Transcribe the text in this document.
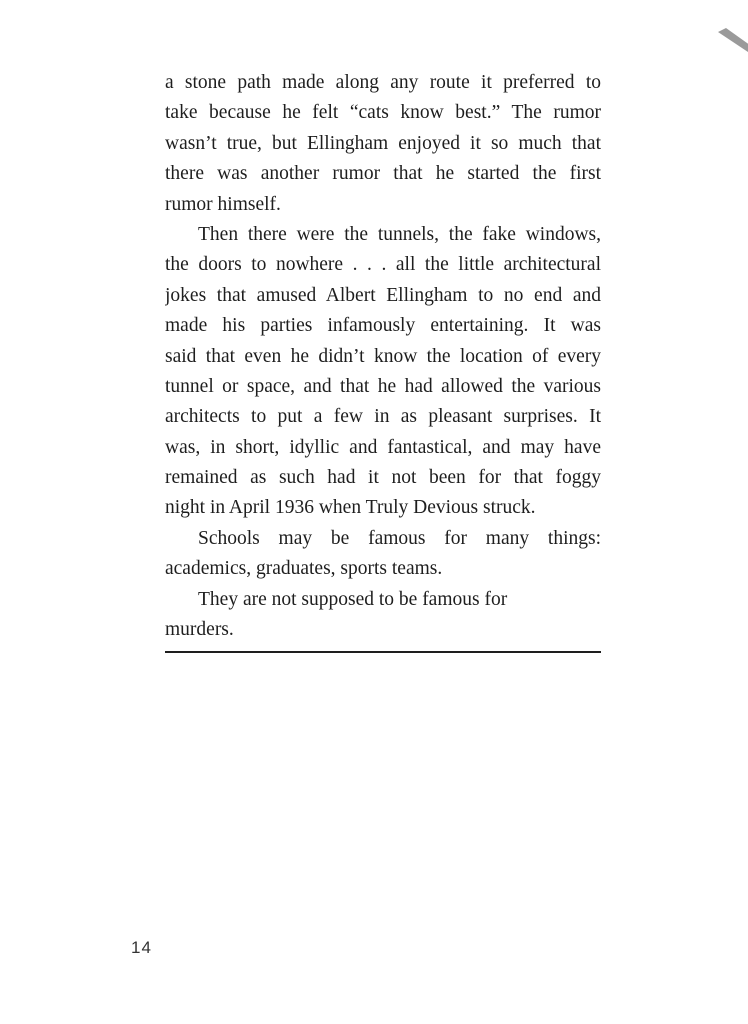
a stone path made along any route it preferred to
take because he felt “cats know best.” The rumor
wasn’t true, but Ellingham enjoyed it so much that
there was another rumor that he started the first
rumor himself.
Then there were the tunnels, the fake windows,
the doors to nowhere . . . all the little architectural
jokes that amused Albert Ellingham to no end and
made his parties infamously entertaining. It was
said that even he didn’t know the location of every
tunnel or space, and that he had allowed the various
architects to put a few in as pleasant surprises. It
was, in short, idyllic and fantastical, and may have
remained as such had it not been for that foggy
night in April 1936 when Truly Devious struck.
Schools may be famous for many things:
academics, graduates, sports teams.
They are not supposed to be famous for
murders.
14
